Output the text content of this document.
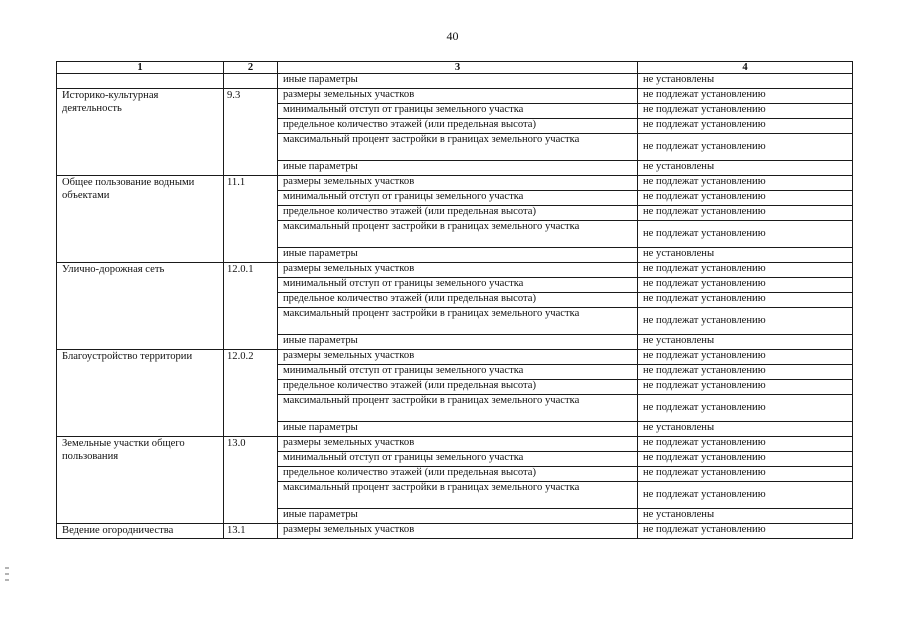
40
1	2	3	4
		иные параметры	не установлены
Историко-культурная деятельность	9.3	размеры земельных участков	не подлежат установлению
		минимальный отступ от границы земельного участка	не подлежат установлению
		предельное количество этажей (или предельная высота)	не подлежат установлению
		максимальный процент застройки в границах земельного участка	не подлежат установлению
		иные параметры	не установлены
Общее пользование водными объектами	11.1	размеры земельных участков	не подлежат установлению
		минимальный отступ от границы земельного участка	не подлежат установлению
		предельное количество этажей (или предельная высота)	не подлежат установлению
		максимальный процент застройки в границах земельного участка	не подлежат установлению
		иные параметры	не установлены
Улично-дорожная сеть	12.0.1	размеры земельных участков	не подлежат установлению
		минимальный отступ от границы земельного участка	не подлежат установлению
		предельное количество этажей (или предельная высота)	не подлежат установлению
		максимальный процент застройки в границах земельного участка	не подлежат установлению
		иные параметры	не установлены
Благоустройство территории	12.0.2	размеры земельных участков	не подлежат установлению
		минимальный отступ от границы земельного участка	не подлежат установлению
		предельное количество этажей (или предельная высота)	не подлежат установлению
		максимальный процент застройки в границах земельного участка	не подлежат установлению
		иные параметры	не установлены
Земельные участки общего пользования	13.0	размеры земельных участков	не подлежат установлению
		минимальный отступ от границы земельного участка	не подлежат установлению
		предельное количество этажей (или предельная высота)	не подлежат установлению
		максимальный процент застройки в границах земельного участка	не подлежат установлению
		иные параметры	не установлены
Ведение огородничества	13.1	размеры земельных участков	не подлежат установлению
